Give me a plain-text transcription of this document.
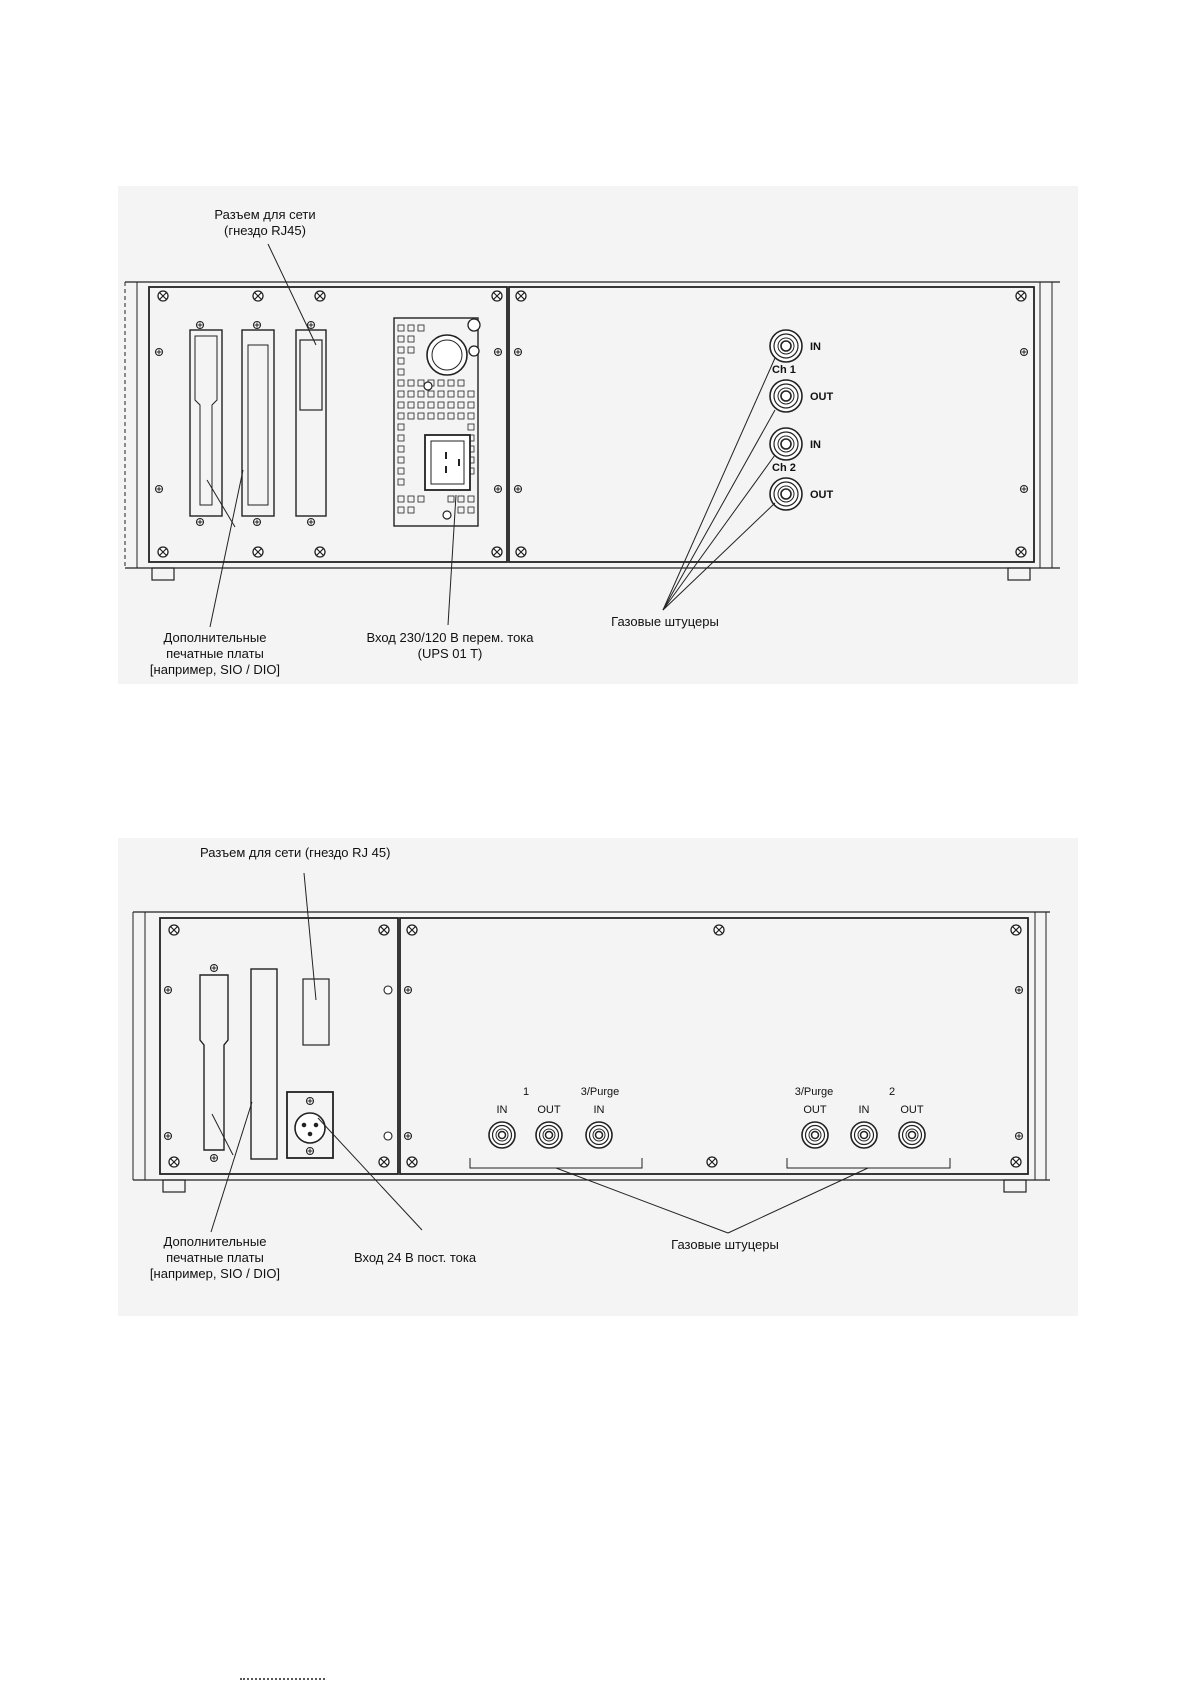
Разъем для сети
(гнездо RJ45)
Дополнительные
печатные платы
[например, SIO / DIO]
Вход 230/120 В перем. тока
(UPS 01 T)
Газовые штуцеры
IN
Ch 1
OUT
IN
Ch 2
OUT
Разъем для сети (гнездо RJ 45)
Дополнительные
печатные платы
[например, SIO / DIO]
Вход 24 В пост. тока
Газовые штуцеры
1	3/Purge
IN	OUT	IN
3/Purge	2
OUT	IN	OUT
